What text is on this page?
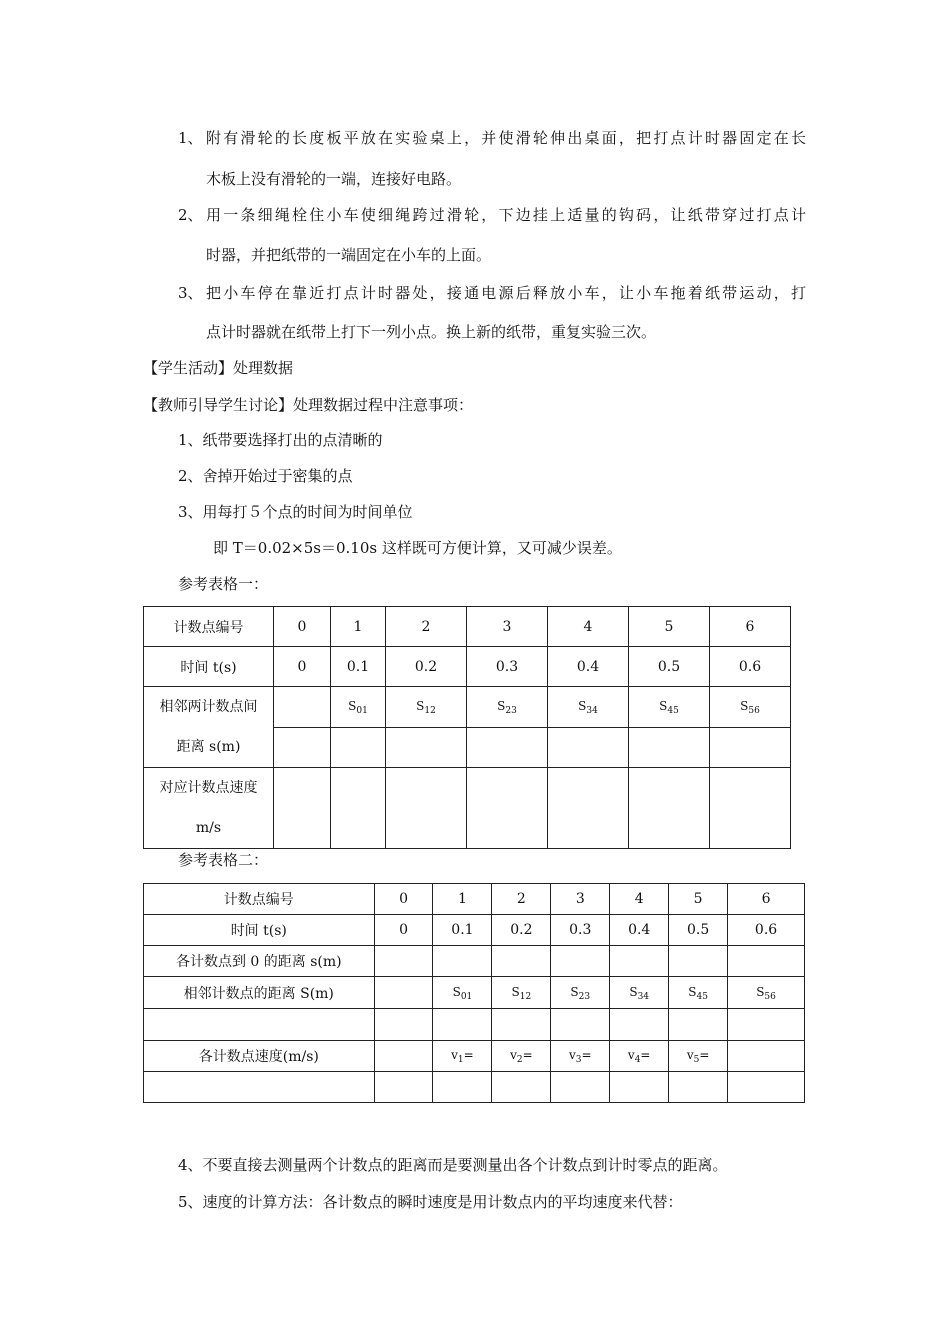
1、 附有滑轮的长度板平放在实验桌上，并使滑轮伸出桌面，把打点计时器固定在长
木板上没有滑轮的一端，连接好电路。
2、 用一条细绳栓住小车使细绳跨过滑轮，下边挂上适量的钩码，让纸带穿过打点计
时器，并把纸带的一端固定在小车的上面。
3、 把小车停在靠近打点计时器处，接通电源后释放小车，让小车拖着纸带运动，打
点计时器就在纸带上打下一列小点。换上新的纸带，重复实验三次。
【学生活动】处理数据
【教师引导学生讨论】处理数据过程中注意事项：
1、纸带要选择打出的点清晰的
2、舍掉开始过于密集的点
3、用每打５个点的时间为时间单位
即 T＝0.02×5s＝0.10s 这样既可方便计算，又可减少误差。
参考表格一：
计数点编号	0	1	2	3	4	5	6
时间 t(s)	0	0.1	0.2	0.3	0.4	0.5	0.6

相邻两计数点间
距离 s(m)		$S_{01}$	$S_{12}$	$S_{23}$	$S_{34}$	$S_{45}$	$S_{56}$

对应计数点速度
m/s							

参考表格二：
计数点编号	0	1	2	3	4	5	6
时间 t(s)	0	0.1	0.2	0.3	0.4	0.5	0.6
各计数点到 0 的距离 s(m)							
相邻计数点的距离 S(m)		$S_{01}$	$S_{12}$	$S_{23}$	$S_{34}$	$S_{45}$	$S_{56}$

各计数点速度(m/s)		$v_1=$	$v_2=$	$v_3=$	$v_4=$	$v_5=$	

4、不要直接去测量两个计数点的距离而是要测量出各个计数点到计时零点的距离。
5、速度的计算方法：各计数点的瞬时速度是用计数点内的平均速度来代替：
